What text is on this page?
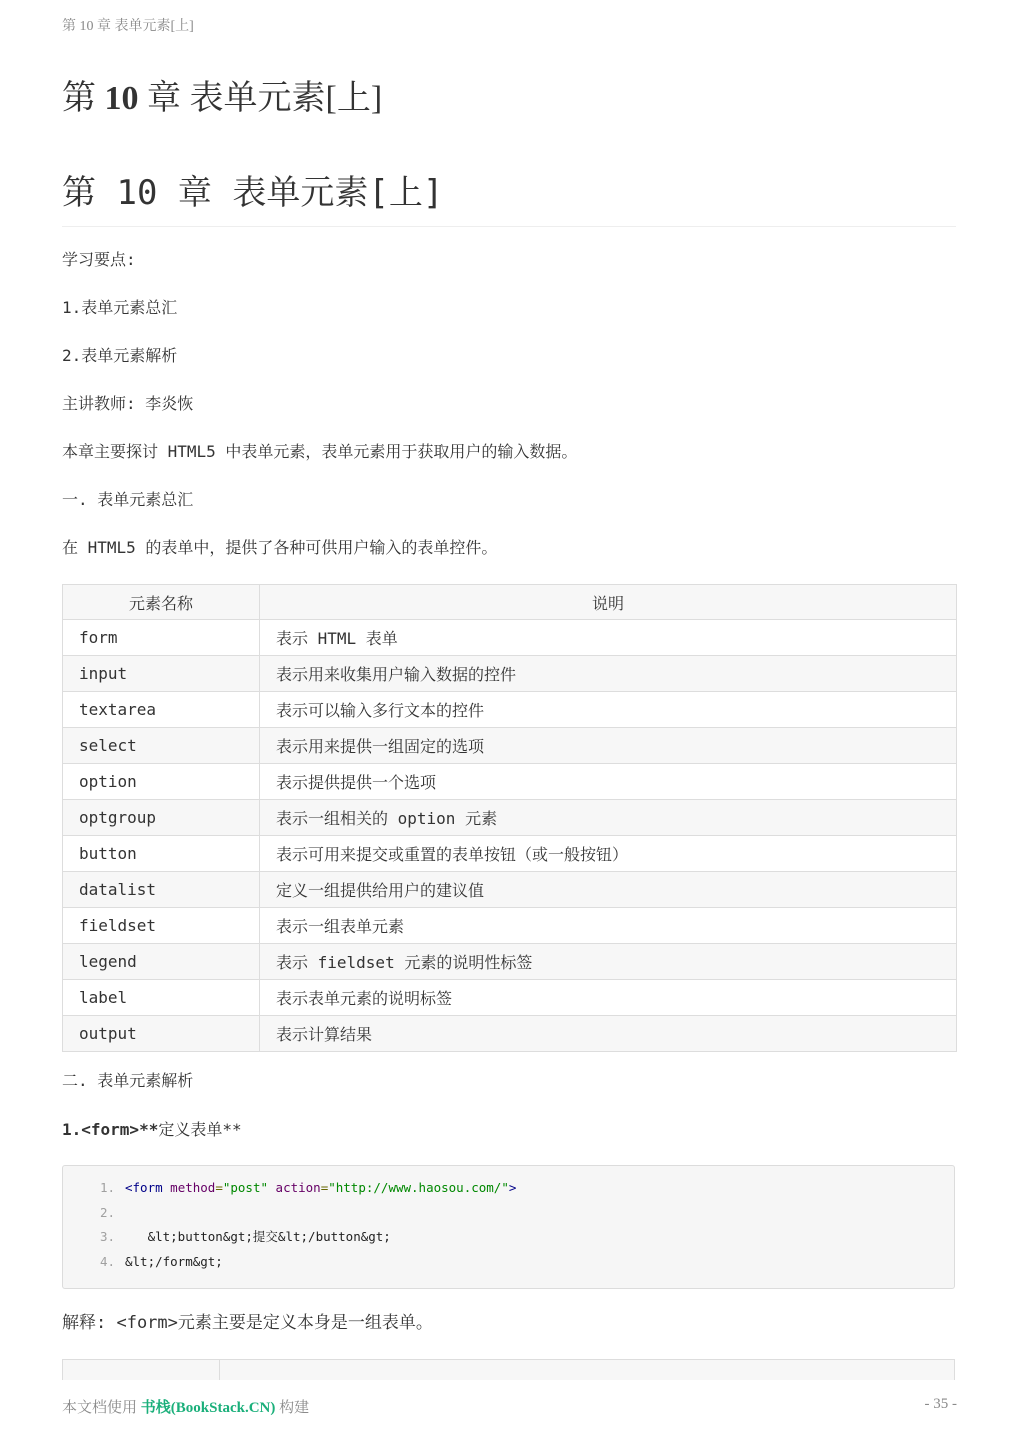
第 10 章 表单元素[上]
第 10 章 表单元素[上]
第 10 章 表单元素[上]

学习要点:

1.表单元素总汇

2.表单元素解析

主讲教师: 李炎恢

本章主要探讨 HTML5 中表单元素，表单元素用于获取用户的输入数据。

一. 表单元素总汇

在 HTML5 的表单中，提供了各种可供用户输入的表单控件。

元素名称	说明
form	表示 HTML 表单
input	表示用来收集用户输入数据的控件
textarea	表示可以输入多行文本的控件
select	表示用来提供一组固定的选项
option	表示提供提供一个选项
optgroup	表示一组相关的 option 元素
button	表示可用来提交或重置的表单按钮（或一般按钮）
datalist	定义一组提供给用户的建议值
fieldset	表示一组表单元素
legend	表示 fieldset 元素的说明性标签
label	表示表单元素的说明标签
output	表示计算结果

二. 表单元素解析

1.<form>**定义表单**

1. <form method="post" action="http://www.haosou.com/">
2.
3.   &lt;button&gt;提交&lt;/button&gt;
4. &lt;/form&gt;

解释: <form>元素主要是定义本身是一组表单。

本文档使用 书栈(BookStack.CN) 构建	- 35 -
